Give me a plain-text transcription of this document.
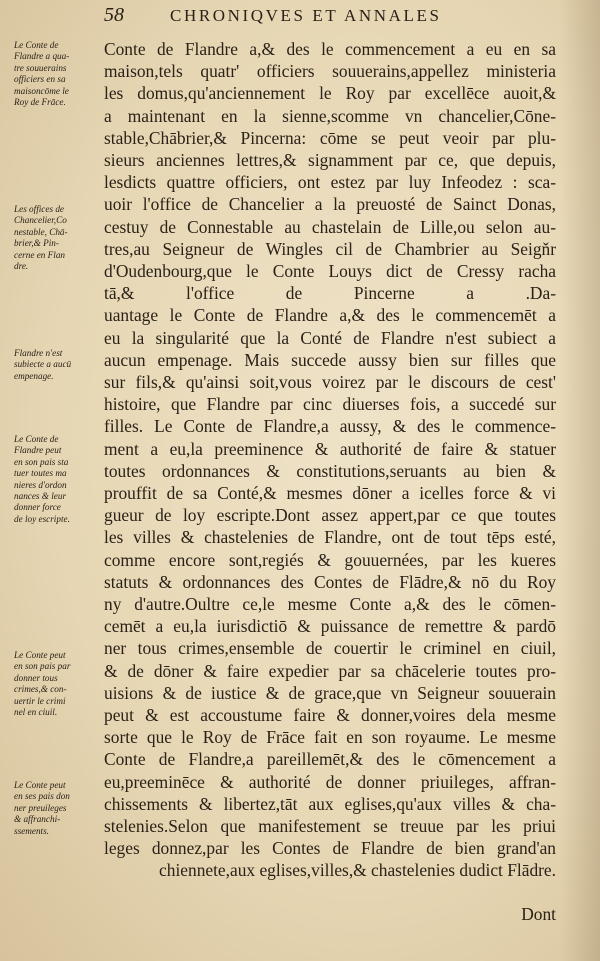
58	CHRONIQVES ET ANNALES
Le Conte de
Flandre a qua-
tre souuerains
officiers en sa
maisoncōme le
Roy de Frāce.
Les offices de
Chancelier,Co
nestable, Chā-
brier,& Pin-
cerne en Flan
dre.
Flandre n'est
subiecte a aucū
empenage.
Le Conte de
Flandre peut
en son pais sta
tuer toutes ma
nieres d'ordon
nances & leur
donner force
de loy escripte.
Le Conte peut
en son pais par
donner tous
crimes,& con-
uertir le crimi
nel en ciuil.
Le Conte peut
en ses pais don
ner preuileges
& affranchi-
ssements.
Conte de Flandre a,& des le commencement a eu en sa
maison,tels quatr' officiers souuerains,appellez ministeria
les domus,qu'anciennement le Roy par excellēce auoit,&
a maintenant en la sienne,scomme vn chancelier,Cōne-
stable,Chābrier,& Pincerna: cōme se peut veoir par plu-
sieurs anciennes lettres,& signamment par ce, que depuis,
lesdicts quattre officiers, ont estez par luy Infeodez : sca-
uoir l'office de Chancelier a la preuosté de Sainct Donas,
cestuy de Connestable au chastelain de Lille,ou selon au-
tres,au Seigneur de Wingles cil de Chambrier au Seigňr
d'Oudenbourg,que le Conte Louys dict de Cressy racha
tā,& l'office de Pincerne a .Da-
uantage le Conte de Flandre a,& des le commencemēt a
eu la singularité que la Conté de Flandre n'est subiect a
aucun empenage. Mais succede aussy bien sur filles que
sur fils,& qu'ainsi soit,vous voirez par le discours de cest'
histoire, que Flandre par cinc diuerses fois, a succedé sur
filles. Le Conte de Flandre,a aussy, & des le commence-
ment a eu,la preeminence & authorité de faire & statuer
toutes ordonnances & constitutions,seruants au bien &
prouffit de sa Conté,& mesmes dōner a icelles force & vi
gueur de loy escripte.Dont assez appert,par ce que toutes
les villes & chastelenies de Flandre, ont de tout tēps esté,
comme encore sont,regiés & gouuernées, par les kueres
statuts & ordonnances des Contes de Flādre,& nō du Roy
ny d'autre.Oultre ce,le mesme Conte a,& des le cōmen-
cemēt a eu,la iurisdictiō & puissance de remettre & pardō
ner tous crimes,ensemble de couertir le criminel en ciuil,
& de dōner & faire expedier par sa chācelerie toutes pro-
uisions & de iustice & de grace,que vn Seigneur souuerain
peut & est accoustume faire & donner,voires dela mesme
sorte que le Roy de Frāce fait en son royaume. Le mesme
Conte de Flandre,a pareillemēt,& des le cōmencement a
eu,preeminēce & authorité de donner priuileges, affran-
chissements & libertez,tāt aux eglises,qu'aux villes & cha-
stelenies.Selon que manifestement se treuue par les priui
leges donnez,par les Contes de Flandre de bien grand'an
chiennete,aux eglises,villes,& chastelenies dudict Flādre.
Dont
